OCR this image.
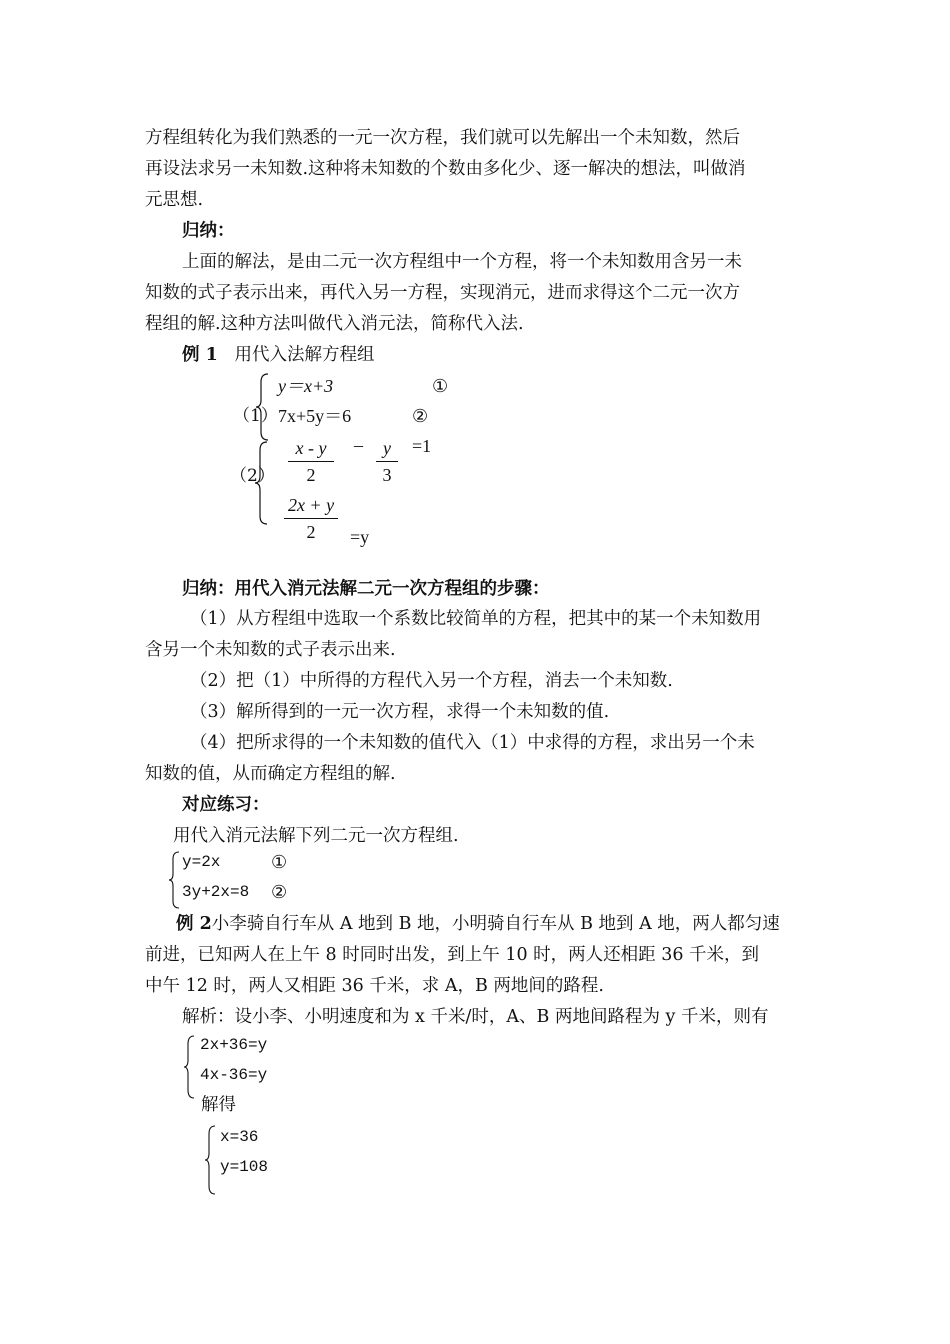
方程组转化为我们熟悉的一元一次方程，我们就可以先解出一个未知数，然后
再设法求另一未知数.这种将未知数的个数由多化少、逐一解决的想法，叫做消
元思想.
归纳：
上面的解法，是由二元一次方程组中一个方程，将一个未知数用含另一未
知数的式子表示出来，再代入另一方程，实现消元，进而求得这个二元一次方
程组的解.这种方法叫做代入消元法，简称代入法.
例 1 用代入法解方程组
（1）
y＝x+3	①
7x+5y＝6	②
（2）
x - y
2
–	y
3
=1
2x + y
2	=y
归纳：用代入消元法解二元一次方程组的步骤：
（1）从方程组中选取一个系数比较简单的方程，把其中的某一个未知数用
含另一个未知数的式子表示出来.
（2）把（1）中所得的方程代入另一个方程，消去一个未知数.
（3）解所得到的一元一次方程，求得一个未知数的值.
（4）把所求得的一个未知数的值代入（1）中求得的方程，求出另一个未
知数的值，从而确定方程组的解.
对应练习：
用代入消元法解下列二元一次方程组.
y=2x	①
3y+2x=8 ②
例 2小李骑自行车从 A 地到 B 地，小明骑自行车从 B 地到 A 地，两人都匀速
前进，已知两人在上午 8 时同时出发，到上午 10 时，两人还相距 36 千米，到
中午 12 时，两人又相距 36 千米，求 A，B 两地间的路程.
解析：设小李、小明速度和为 x 千米/时，A、B 两地间路程为 y 千米，则有
2x+36=y
4x-36=y
解得
x=36
y=108
